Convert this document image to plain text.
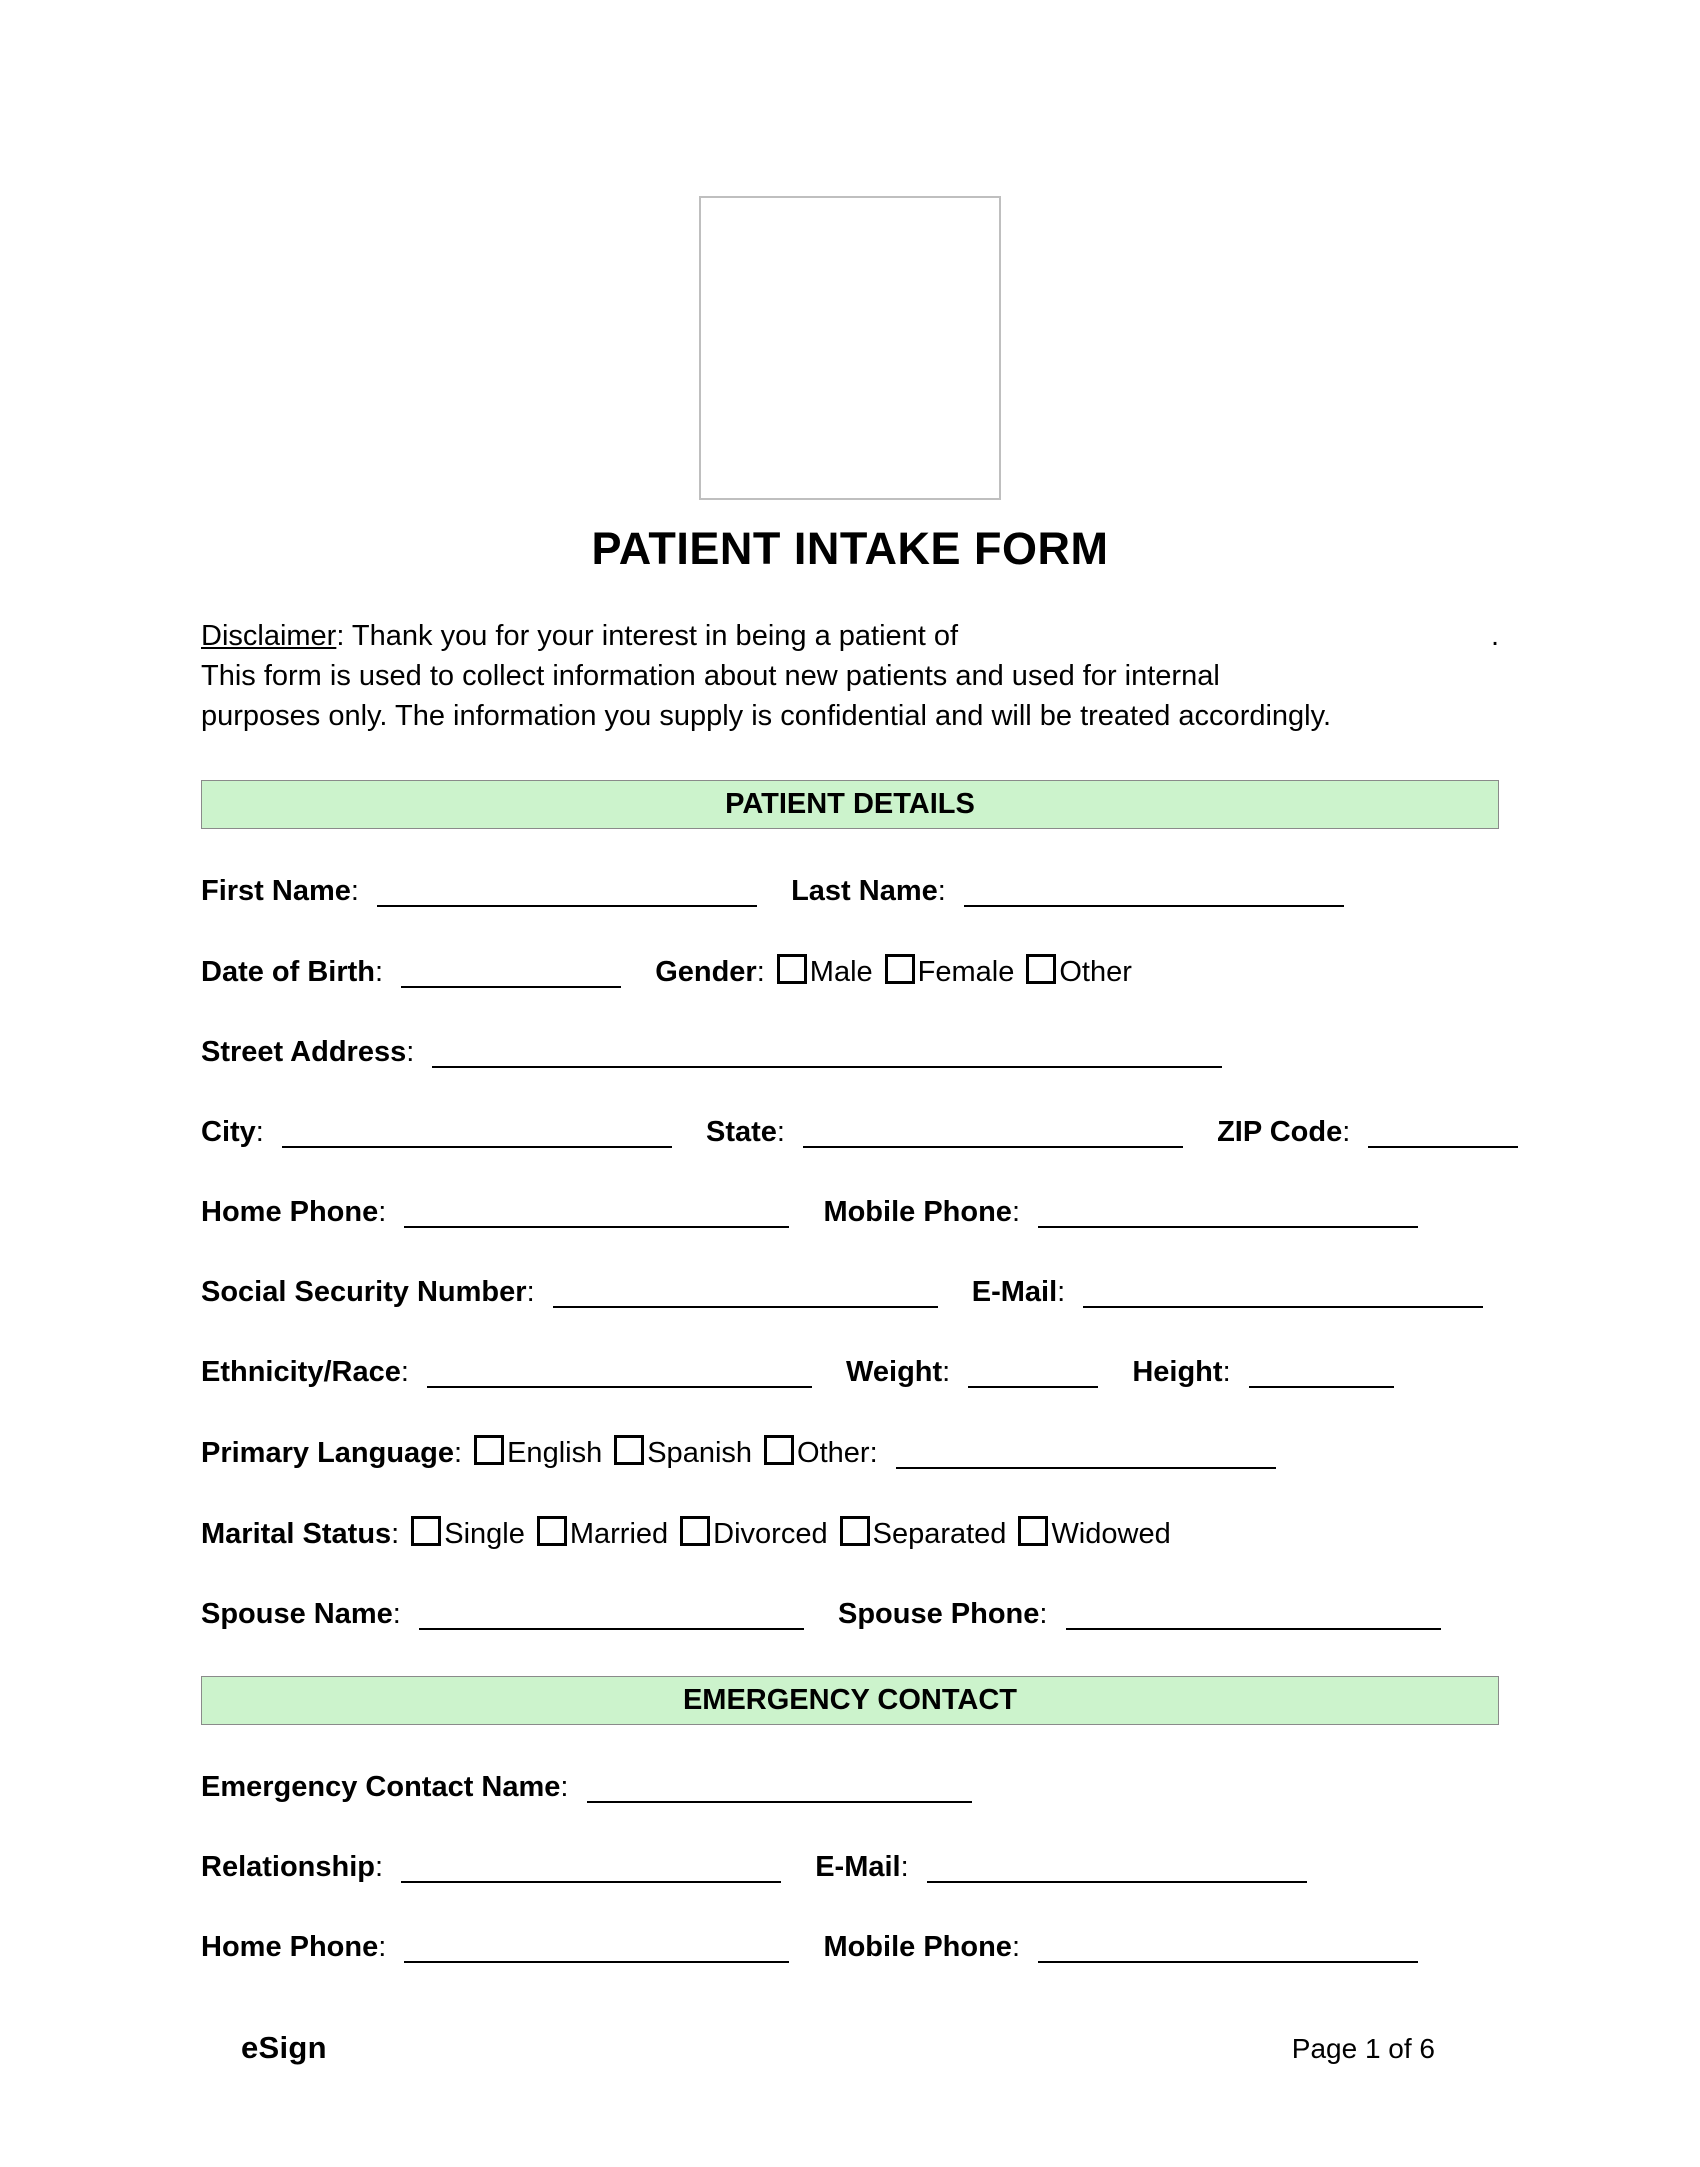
PATIENT INTAKE FORM
Disclaimer: Thank you for your interest in being a patient of	.
This form is used to collect information about new patients and used for internal
purposes only. The information you supply is confidential and will be treated accordingly.
PATIENT DETAILS
First Name:	Last Name:
Date of Birth:	Gender: Male Female Other
Street Address:
City:	State:	ZIP Code:
Home Phone:	Mobile Phone:
Social Security Number:	E-Mail:
Ethnicity/Race:	Weight:	Height:
Primary Language: English Spanish Other:
Marital Status: Single Married Divorced Separated Widowed
Spouse Name:	Spouse Phone:
EMERGENCY CONTACT
Emergency Contact Name:
Relationship:	E-Mail:
Home Phone:	Mobile Phone:
eSign	Page 1 of 6
